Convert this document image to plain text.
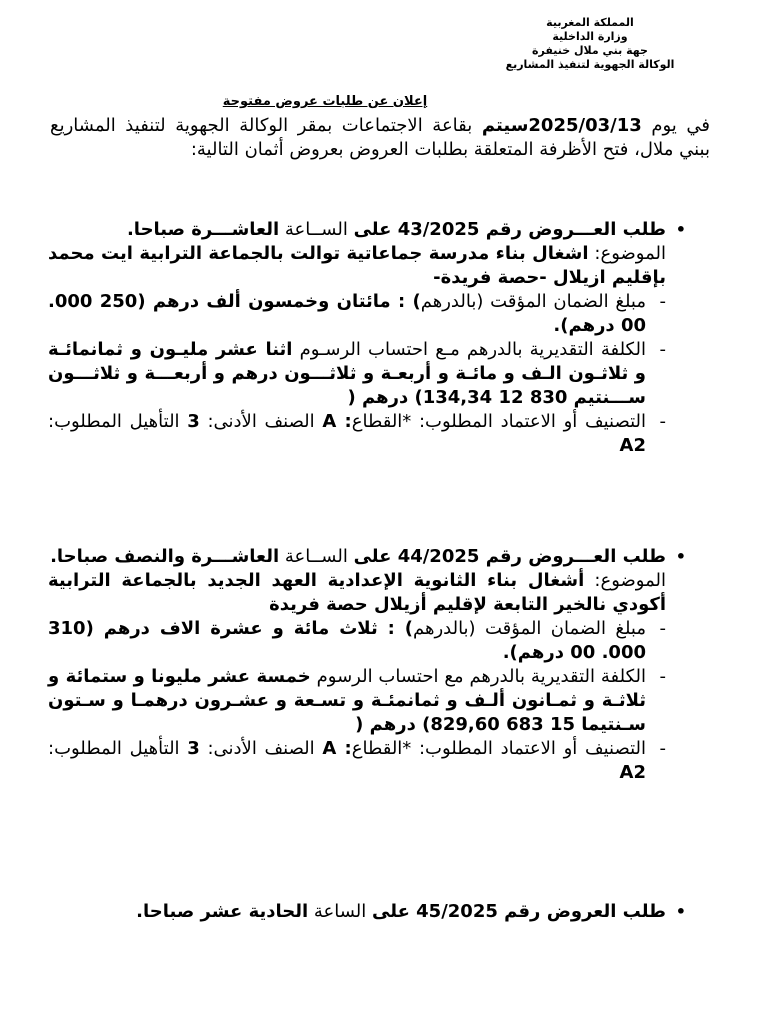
المملكة المغربية
وزارة الداخلية
جهة بني ملال خنيفرة
الوكالة الجهوية لتنفيذ المشاريع
إعلان عن طلبات عروض مفتوحة
في يوم 2025/03/13سيتم بقاعة الاجتماعات بمقر الوكالة الجهوية لتنفيذ المشاريع ببني ملال، فتح الأظرفة المتعلقة بطلبات العروض بعروض أثمان التالية:
•
طلب العـــروض رقم 43/2025 على الســاعة العاشـــرة صباحا.
الموضوع: اشغال بناء مدرسة جماعاتية توالت بالجماعة الترابية ايت محمد بإقليم ازيلال -حصة فريدة-
-
مبلغ الضمان المؤقت (بالدرهم) : مائتان وخمسون ألف درهم (250 000. 00 درهم).
-
الكلفة التقديرية بالدرهم مـع احتساب الرسـوم اثنا عشر مليـون و ثمانمائـة و ثلاثـون الـف و مائـة و أربعـة و ثلاثـــون درهم و أربعـــة و ثلاثـــون ســـنتيم 830 12 134,34) درهم (
-
التصنيف أو الاعتماد المطلوب: *القطاع: A الصنف الأدنى: 3 التأهيل المطلوب: A2
•
طلب العـــروض رقم 44/2025 على الســاعة العاشـــرة والنصف صباحا.
الموضوع: أشغال بناء الثانوية الإعدادية العهد الجديد بالجماعة الترابية أكودي نالخير التابعة لإقليم أزيلال حصة فريدة
-
مبلغ الضمان المؤقت (بالدرهم) : ثلاث مائة و عشرة الاف درهم (310 000. 00 درهم).
-
الكلفة التقديرية بالدرهم مع احتساب الرسوم خمسة عشر مليونا و ستمائة و ثلاثـة و ثمـانون ألـف و ثمانمئـة و تسـعة و عشـرون درهمـا و سـتون سـنتيما 15 683 829,60) درهم (
-
التصنيف أو الاعتماد المطلوب: *القطاع: A الصنف الأدنى: 3 التأهيل المطلوب: A2
•
طلب العروض رقم 45/2025 على الساعة الحادية عشر صباحا.
